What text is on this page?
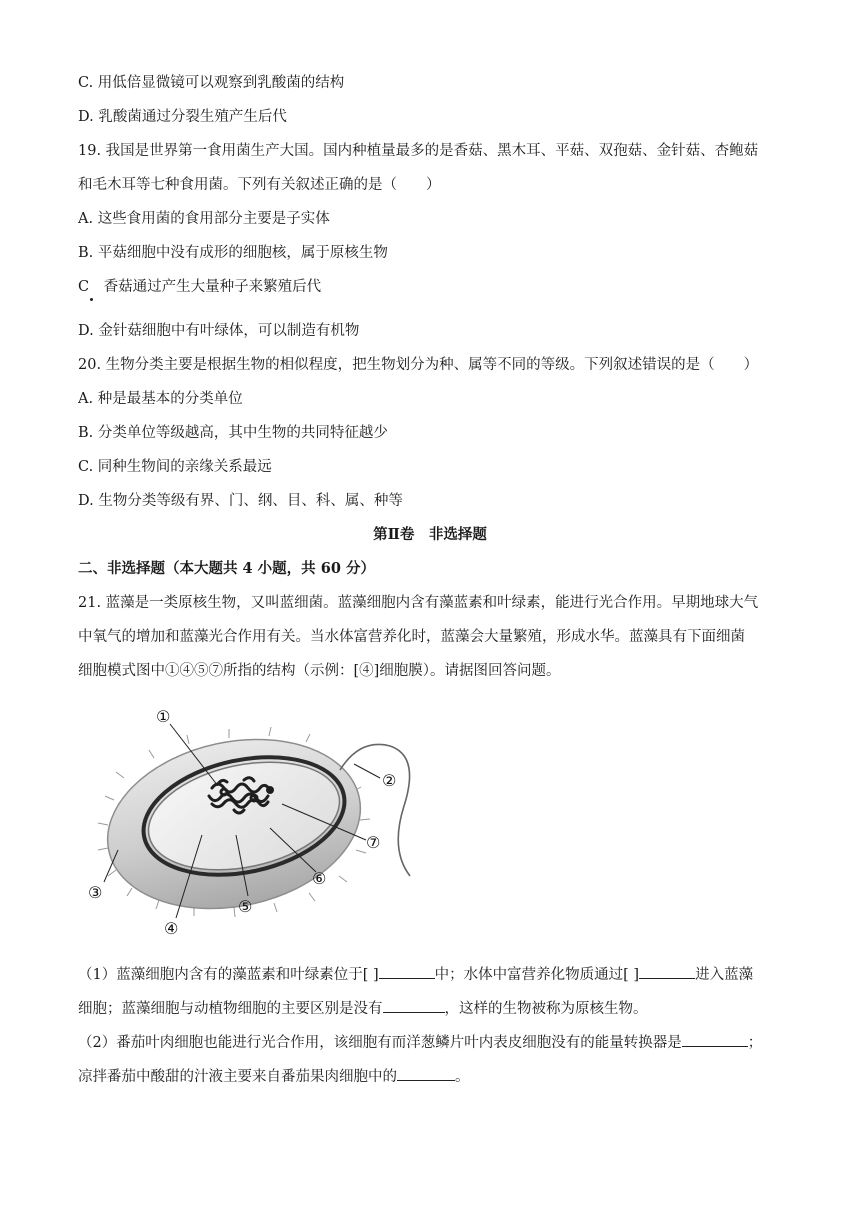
C. 用低倍显微镜可以观察到乳酸菌的结构
D. 乳酸菌通过分裂生殖产生后代
19. 我国是世界第一食用菌生产大国。国内种植量最多的是香菇、黑木耳、平菇、双孢菇、金针菇、杏鲍菇
和毛木耳等七种食用菌。下列有关叙述正确的是（　　）
A. 这些食用菌的食用部分主要是子实体
B. 平菇细胞中没有成形的细胞核，属于原核生物
C　香菇通过产生大量种子来繁殖后代
D. 金针菇细胞中有叶绿体，可以制造有机物
20. 生物分类主要是根据生物的相似程度，把生物划分为种、属等不同的等级。下列叙述错误的是（　　）
A. 种是最基本的分类单位
B. 分类单位等级越高，其中生物的共同特征越少
C. 同种生物间的亲缘关系最远
D. 生物分类等级有界、门、纲、目、科、属、种等
第Ⅱ卷　非选择题
二、非选择题（本大题共 4 小题，共 60 分）
21. 蓝藻是一类原核生物，又叫蓝细菌。蓝藻细胞内含有藻蓝素和叶绿素，能进行光合作用。早期地球大气
中氧气的增加和蓝藻光合作用有关。当水体富营养化时，蓝藻会大量繁殖，形成水华。蓝藻具有下面细菌
细胞模式图中①④⑤⑦所指的结构（示例：[④]细胞膜）。请据图回答问题。
①
②
③
④
⑤
⑥
⑦
（1）蓝藻细胞内含有的藻蓝素和叶绿素位于[ ]	中；水体中富营养化物质通过[ ]	进入蓝藻
细胞；蓝藻细胞与动植物细胞的主要区别是没有	，这样的生物被称为原核生物。
（2）番茄叶肉细胞也能进行光合作用，该细胞有而洋葱鳞片叶内表皮细胞没有的能量转换器是	；
凉拌番茄中酸甜的汁液主要来自番茄果肉细胞中的	。
